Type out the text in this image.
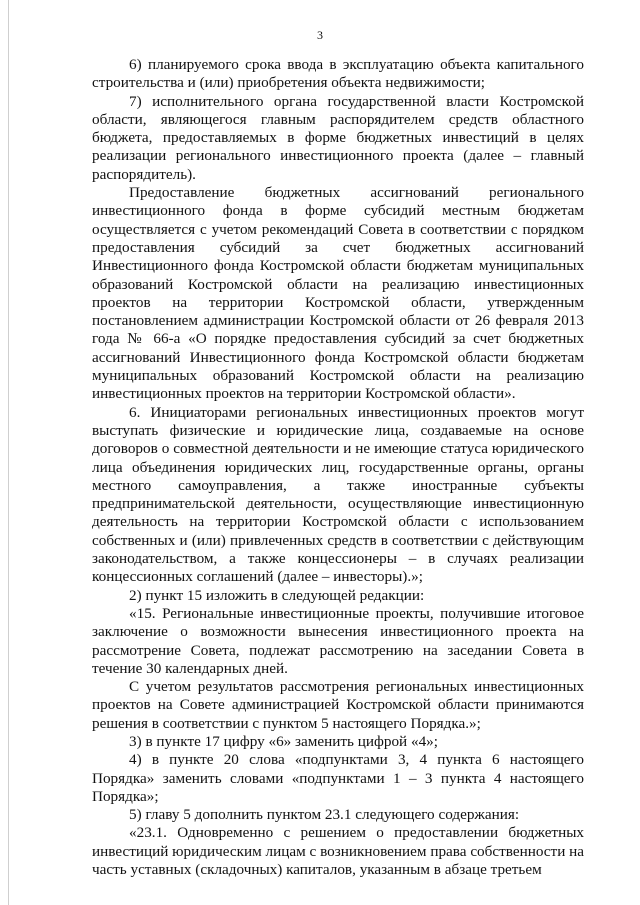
3

6) планируемого срока ввода в эксплуатацию объекта капитального строительства и (или) приобретения объекта недвижимости;

7) исполнительного органа государственной власти Костромской области, являющегося главным распорядителем средств областного бюджета, предоставляемых в форме бюджетных инвестиций в целях реализации регионального инвестиционного проекта (далее – главный распорядитель).

Предоставление бюджетных ассигнований регионального инвестиционного фонда в форме субсидий местным бюджетам осуществляется с учетом рекомендаций Совета в соответствии с порядком предоставления субсидий за счет бюджетных ассигнований Инвестиционного фонда Костромской области бюджетам муниципальных образований Костромской области на реализацию инвестиционных проектов на территории Костромской области, утвержденным постановлением администрации Костромской области от 26 февраля 2013 года № 66-а «О порядке предоставления субсидий за счет бюджетных ассигнований Инвестиционного фонда Костромской области бюджетам муниципальных образований Костромской области на реализацию инвестиционных проектов на территории Костромской области».

6. Инициаторами региональных инвестиционных проектов могут выступать физические и юридические лица, создаваемые на основе договоров о совместной деятельности и не имеющие статуса юридического лица объединения юридических лиц, государственные органы, органы местного самоуправления, а также иностранные субъекты предпринимательской деятельности, осуществляющие инвестиционную деятельность на территории Костромской области с использованием собственных и (или) привлеченных средств в соответствии с действующим законодательством, а также концессионеры – в случаях реализации концессионных соглашений (далее – инвесторы).»;

2) пункт 15 изложить в следующей редакции:

«15. Региональные инвестиционные проекты, получившие итоговое заключение о возможности вынесения инвестиционного проекта на рассмотрение Совета, подлежат рассмотрению на заседании Совета в течение 30 календарных дней.

С учетом результатов рассмотрения региональных инвестиционных проектов на Совете администрацией Костромской области принимаются решения в соответствии с пунктом 5 настоящего Порядка.»;

3) в пункте 17 цифру «6» заменить цифрой «4»;

4) в пункте 20 слова «подпунктами 3, 4 пункта 6 настоящего Порядка» заменить словами «подпунктами 1 – 3 пункта 4 настоящего Порядка»;

5) главу 5 дополнить пунктом 23.1 следующего содержания:

«23.1. Одновременно с решением о предоставлении бюджетных инвестиций юридическим лицам с возникновением права собственности на часть уставных (складочных) капиталов, указанным в абзаце третьем
